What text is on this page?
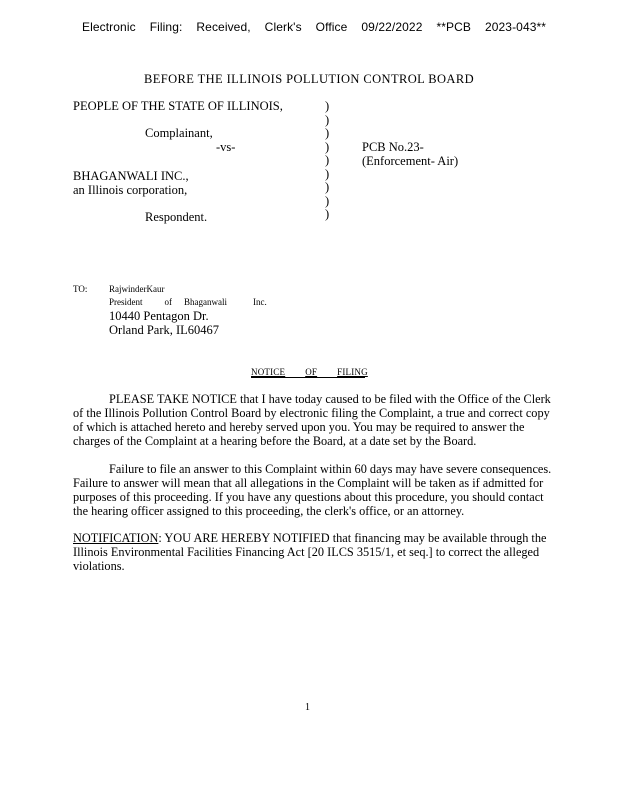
Electronic Filing: Received, Clerk's Office 09/22/2022 **PCB 2023-043**
BEFORE THE ILLINOIS POLLUTION CONTROL BOARD
PEOPLE OF THE STATE OF ILLINOIS,
Complainant,
-vs-
BHAGANWALI INC.,
an Illinois corporation,
Respondent.
)
)
)
)
)
)
)
)
)
PCB No.23-
(Enforcement- Air)
TO: RajwinderKaur
President of Bhaganwali	Inc.
10440 Pentagon Dr.
Orland Park, IL60467
NOTICE OF FILING
PLEASE TAKE NOTICE that I have today caused to be filed with the Office of the Clerk
of the Illinois Pollution Control Board by electronic filing the Complaint, a true and correct copy
of which is attached hereto and hereby served upon you. You may be required to answer the
charges of the Complaint at a hearing before the Board, at a date set by the Board.
Failure to file an answer to this Complaint within 60 days may have severe consequences.
Failure to answer will mean that all allegations in the Complaint will be taken as if admitted for
purposes of this proceeding. If you have any questions about this procedure, you should contact
the hearing officer assigned to this proceeding, the clerk's office, or an attorney.
NOTIFICATION: YOU ARE HEREBY NOTIFIED that financing may be available through the
Illinois Environmental Facilities Financing Act [20 ILCS 3515/1, et seq.] to correct the alleged
violations.
1
